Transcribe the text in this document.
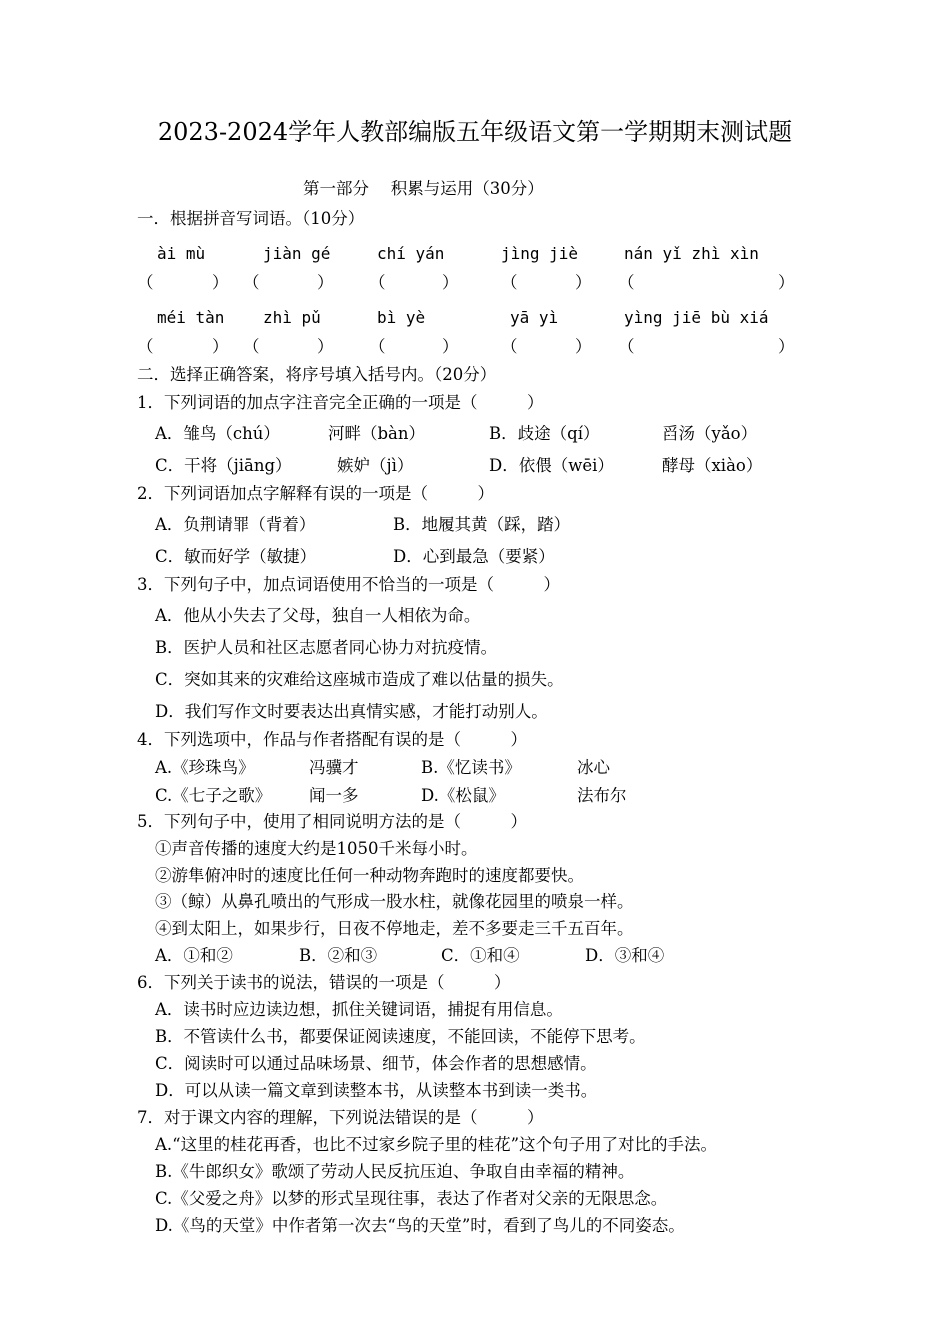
2023-2024学年人教部编版五年级语文第一学期期末测试题
第一部分　 积累与运用（30分）
一．根据拼音写词语。（10分）
ài mù	jiàn gé	chí yán	jìng jiè	nán yǐ zhì xìn
（	） （	） （	）	（	） （	）
méi tàn zhì pǔ	bì yè	yā yì	yìng jiē bù xiá
（	） （	） （	）	（	） （	）
二．选择正确答案，将序号填入括号内。（20分）
1．下列词语的加点字注音完全正确的一项是（　　　）
A．雏鸟（chú）	河畔（bàn）	B．歧途（qí）	舀汤（yǎo）
C．干将（jiāng）	嫉妒（jì）	D．依偎（wēi）	酵母（xiào）
2．下列词语加点字解释有误的一项是（　　　）
A．负荆请罪（背着）	B．地履其黄（踩，踏）
C．敏而好学（敏捷）	D．心到最急（要紧）
3．下列句子中，加点词语使用不恰当的一项是（　　　）
A．他从小失去了父母，独自一人相依为命。
B．医护人员和社区志愿者同心协力对抗疫情。
C．突如其来的灾难给这座城市造成了难以估量的损失。
D．我们写作文时要表达出真情实感，才能打动别人。
4．下列选项中，作品与作者搭配有误的是（　　　）
A.《珍珠鸟》	冯骥才	B.《忆读书》	冰心
C.《七子之歌》 闻一多	D.《松鼠》	法布尔
5．下列句子中，使用了相同说明方法的是（　　　）
①声音传播的速度大约是1050千米每小时。
②游隼俯冲时的速度比任何一种动物奔跑时的速度都要快。
③（鲸）从鼻孔喷出的气形成一股水柱，就像花园里的喷泉一样。
④到太阳上，如果步行，日夜不停地走，差不多要走三千五百年。
A．①和②	B．②和③	C．①和④	D．③和④
6．下列关于读书的说法，错误的一项是（　　　）
A．读书时应边读边想，抓住关键词语，捕捉有用信息。
B．不管读什么书，都要保证阅读速度，不能回读，不能停下思考。
C．阅读时可以通过品味场景、细节，体会作者的思想感情。
D．可以从读一篇文章到读整本书，从读整本书到读一类书。
7．对于课文内容的理解，下列说法错误的是（　　　）
A.“这里的桂花再香，也比不过家乡院子里的桂花”这个句子用了对比的手法。
B.《牛郎织女》歌颂了劳动人民反抗压迫、争取自由幸福的精神。
C.《父爱之舟》以梦的形式呈现往事，表达了作者对父亲的无限思念。
D.《鸟的天堂》中作者第一次去“鸟的天堂”时，看到了鸟儿的不同姿态。
